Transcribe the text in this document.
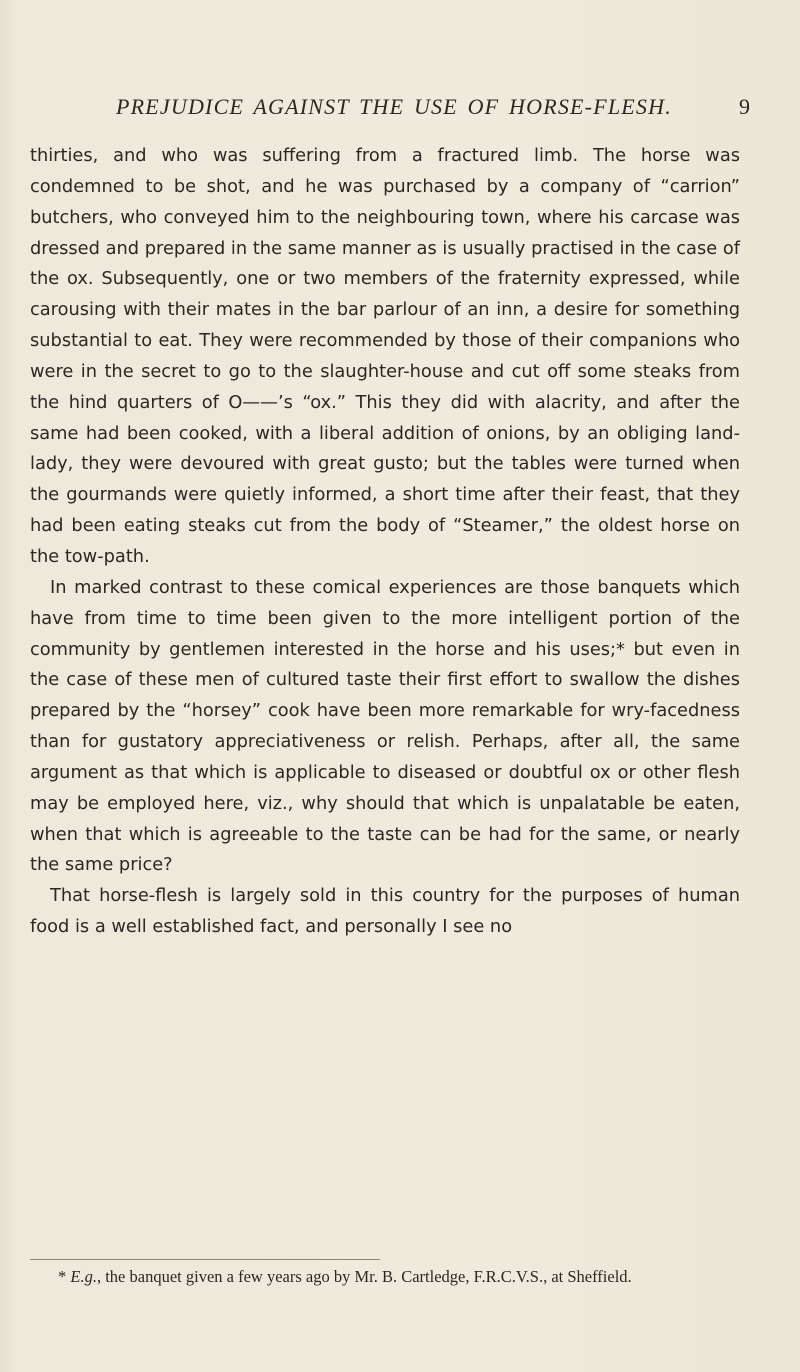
PREJUDICE AGAINST THE USE OF HORSE-FLESH.	9

thirties, and who was suffering from a fractured limb. The horse was condemned to be shot, and he was purchased by a company of “carrion” butchers, who conveyed him to the neighbouring town, where his carcase was dressed and prepared in the same manner as is usually practised in the case of the ox. Subsequently, one or two members of the fraternity expressed, while carousing with their mates in the bar parlour of an inn, a desire for something substantial to eat. They were recommended by those of their companions who were in the secret to go to the slaughter-house and cut off some steaks from the hind quarters of O——’s “ox.” This they did with alacrity, and after the same had been cooked, with a liberal addition of onions, by an obliging land-lady, they were devoured with great gusto; but the tables were turned when the gourmands were quietly informed, a short time after their feast, that they had been eating steaks cut from the body of “Steamer,” the oldest horse on the tow-path.

In marked contrast to these comical experiences are those banquets which have from time to time been given to the more intelligent portion of the community by gentlemen interested in the horse and his uses;* but even in the case of these men of cultured taste their first effort to swallow the dishes prepared by the “horsey” cook have been more remarkable for wry-facedness than for gustatory appreciativeness or relish. Perhaps, after all, the same argument as that which is applicable to diseased or doubtful ox or other flesh may be employed here, viz., why should that which is unpalatable be eaten, when that which is agreeable to the taste can be had for the same, or nearly the same price?

That horse-flesh is largely sold in this country for the purposes of human food is a well established fact, and personally I see no

* E.g., the banquet given a few years ago by Mr. B. Cartledge, F.R.C.V.S., at Sheffield.
